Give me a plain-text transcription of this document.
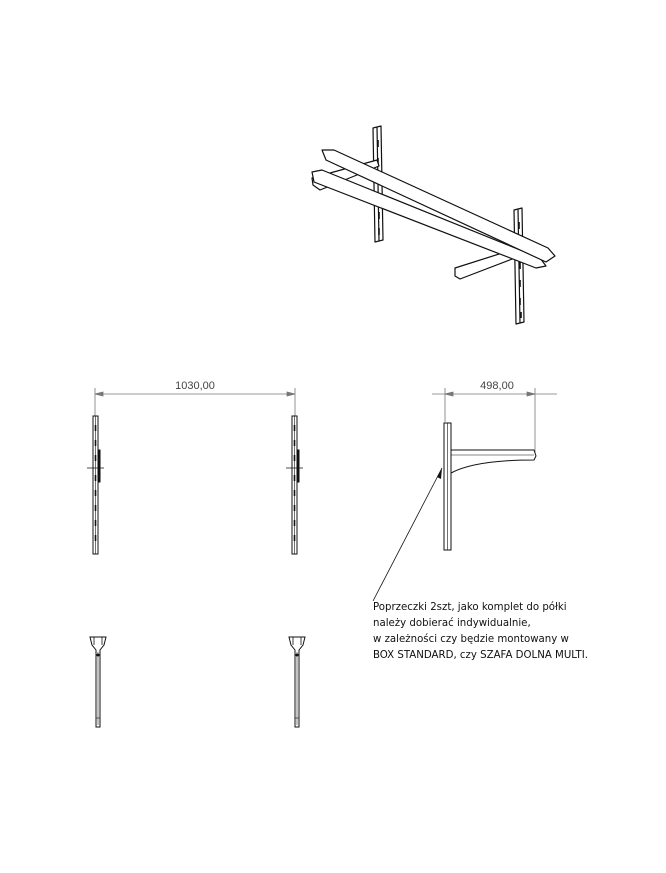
1030,00	498,00
Poprzeczki 2szt, jako komplet do półki
należy dobierać indywidualnie,
w zależności czy będzie montowany w
BOX STANDARD, czy SZAFA DOLNA MULTI.
